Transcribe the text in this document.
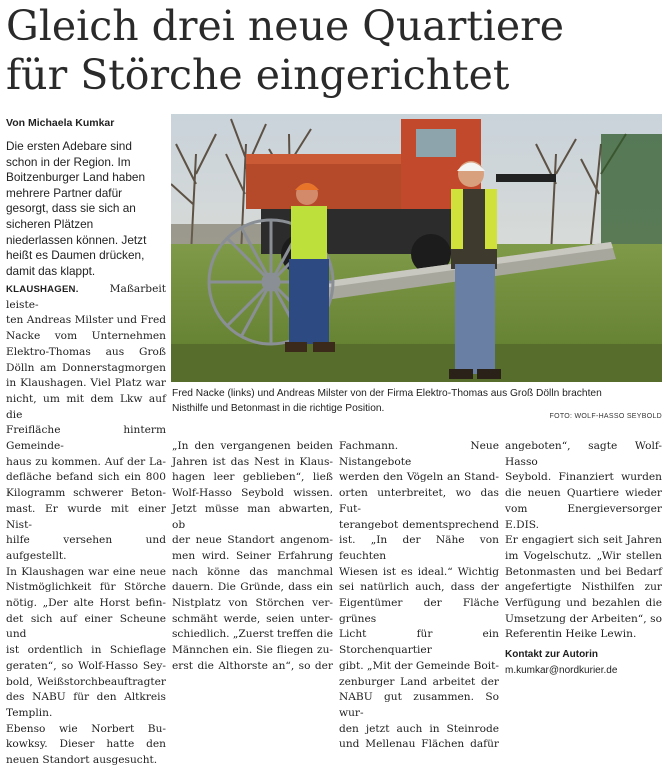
Gleich drei neue Quartiere
für Störche eingerichtet
Von Michaela Kumkar
Die ersten Adebare sind
schon in der Region. Im
Boitzenburger Land haben
mehrere Partner dafür
gesorgt, dass sie sich an
sicheren Plätzen
niederlassen können. Jetzt
heißt es Daumen drücken,
damit das klappt.
KLAUSHAGEN.	Maßarbeit leiste-
ten Andreas Milster und Fred
Nacke vom Unternehmen
Elektro-Thomas aus Groß
Dölln am Donnerstagmorgen
in Klaushagen. Viel Platz war
nicht, um mit dem Lkw auf die
Freifläche hinterm Gemeinde-
haus zu kommen. Auf der La-
defläche befand sich ein 800
Kilogramm schwerer Beton-
mast. Er wurde mit einer Nist-
hilfe versehen und aufgestellt.
In Klaushagen war eine neue
Nistmöglichkeit für Störche
nötig. „Der alte Horst befin-
det sich auf einer Scheune und
ist ordentlich in Schieflage
geraten“, so Wolf-Hasso Sey-
bold, Weißstorchbeauftragter
des NABU für den Altkreis
Templin.
Ebenso wie Norbert Bu-
kowksy. Dieser hatte den
neuen Standort ausgesucht.
Fred Nacke (links) und Andreas Milster von der Firma Elektro-Thomas aus Groß Dölln brachten
Nisthilfe und Betonmast in die richtige Position.
FOTO: WOLF-HASSO SEYBOLD
„In den vergangenen beiden
Jahren ist das Nest in Klaus-
hagen leer geblieben“, ließ
Wolf-Hasso Seybold wissen.
Jetzt müsse man abwarten, ob
der neue Standort angenom-
men wird. Seiner Erfahrung
nach könne das manchmal
dauern. Die Gründe, dass ein
Nistplatz von Störchen ver-
schmäht werde, seien unter-
schiedlich. „Zuerst treffen die
Männchen ein. Sie fliegen zu-
erst die Althorste an“, so der
Fachmann. Neue Nistangebote
werden den Vögeln an Stand-
orten unterbreitet, wo das Fut-
terangebot dementsprechend
ist. „In der Nähe von feuchten
Wiesen ist es ideal.“ Wichtig
sei natürlich auch, dass der
Eigentümer der Fläche grünes
Licht für ein Storchenquartier
gibt. „Mit der Gemeinde Boit-
zenburger Land arbeitet der
NABU gut zusammen. So wur-
den jetzt auch in Steinrode
und Mellenau Flächen dafür
angeboten“, sagte Wolf-Hasso
Seybold. Finanziert wurden
die neuen Quartiere wieder
vom Energieversorger E.DIS.
Er engagiert sich seit Jahren
im Vogelschutz. „Wir stellen
Betonmasten und bei Bedarf
angefertigte Nisthilfen zur
Verfügung und bezahlen die
Umsetzung der Arbeiten“, so
Referentin Heike Lewin.
Kontakt zur Autorin
m.kumkar@nordkurier.de
